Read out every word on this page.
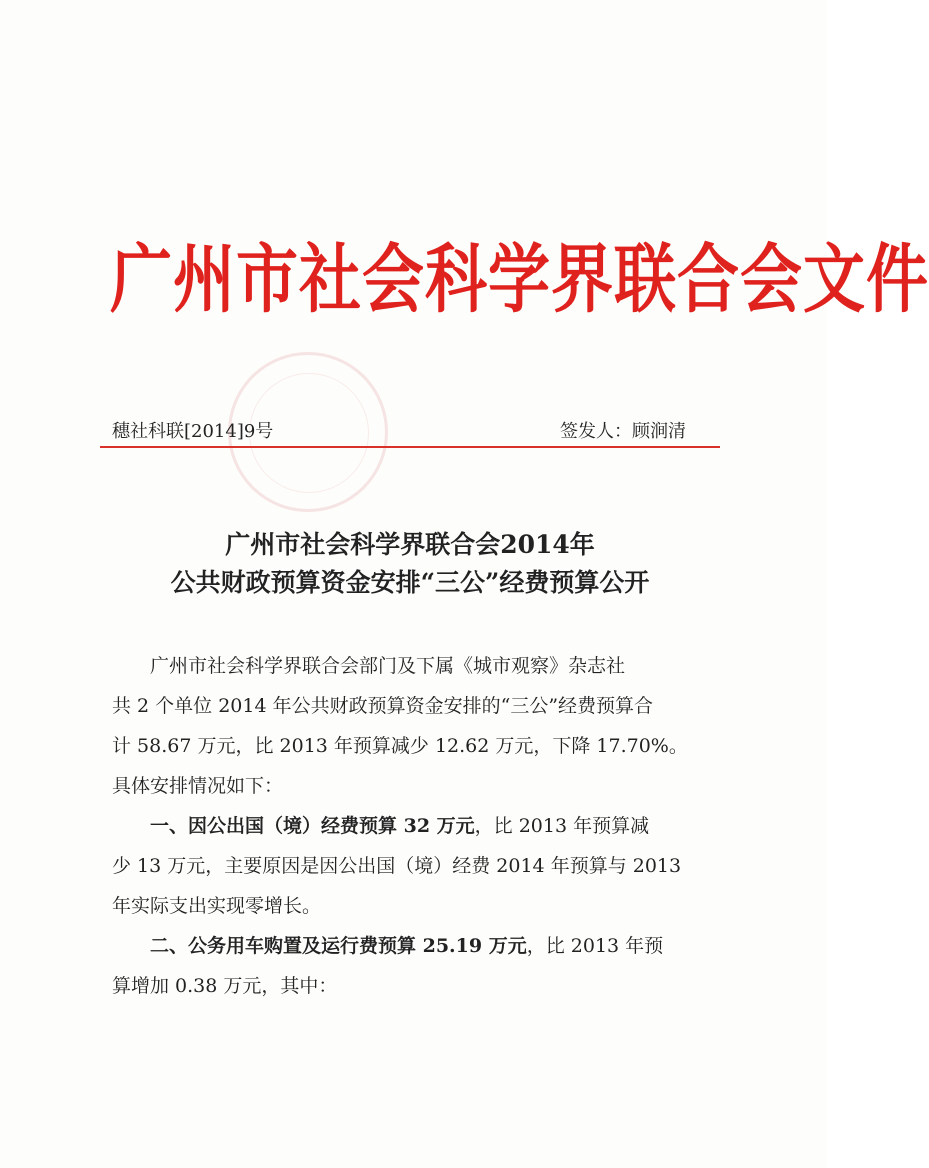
广州市社会科学界联合会文件
穗社科联[2014]9号	签发人：顾涧清
广州市社会科学界联合会2014年
公共财政预算资金安排“三公”经费预算公开

广州市社会科学界联合会部门及下属《城市观察》杂志社
共 2 个单位 2014 年公共财政预算资金安排的“三公”经费预算合
计 58.67 万元，比 2013 年预算减少 12.62 万元，下降 17.70%。
具体安排情况如下：

一、因公出国（境）经费预算 32 万元，比 2013 年预算减
少 13 万元，主要原因是因公出国（境）经费 2014 年预算与 2013
年实际支出实现零增长。

二、公务用车购置及运行费预算 25.19 万元，比 2013 年预
算增加 0.38 万元，其中：
